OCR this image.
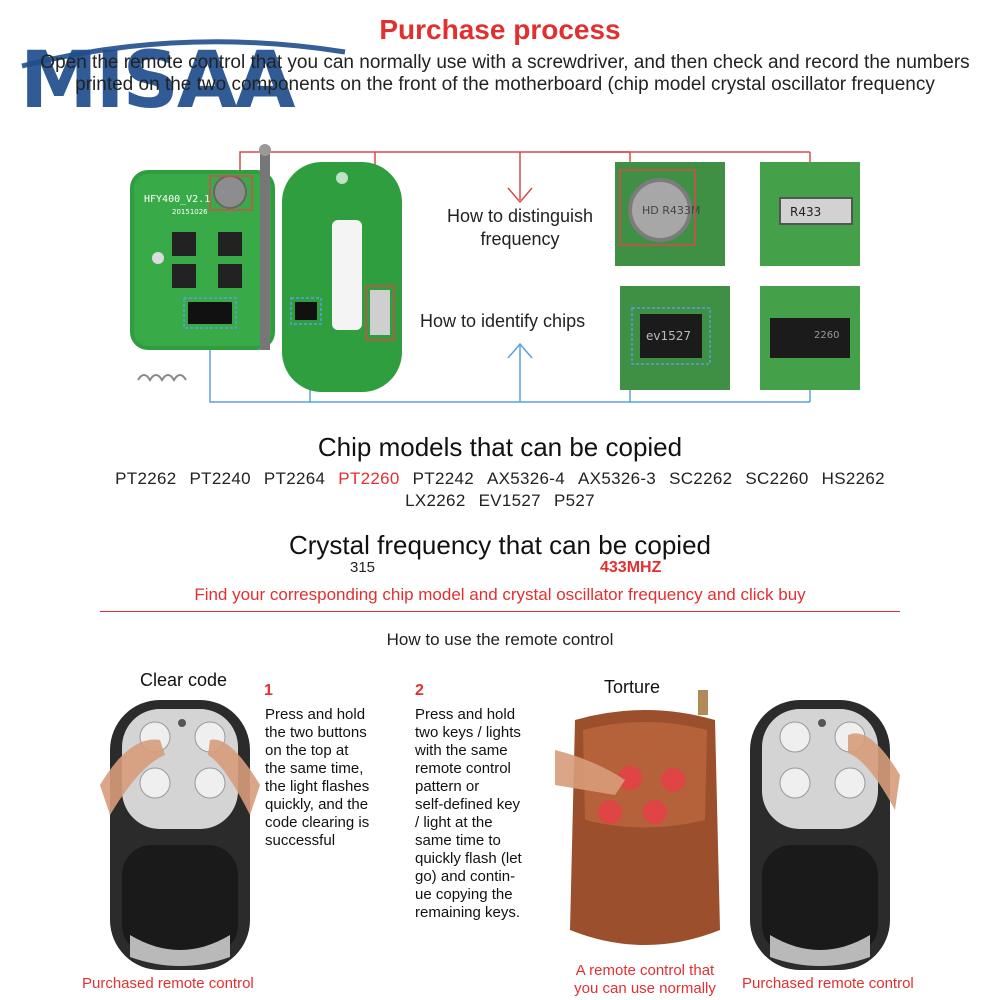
MISAA
Purchase process
Open the remote control that you can normally use with a screwdriver, and then check and record the numbers printed on the two components on the front of the motherboard (chip model crystal oscillator frequency
HFY400_V2.1
20151026	HD R433M	R433
ev1527	2260
How to distinguish frequency
How to identify chips
Chip models that can be copied
PT2262 PT2240 PT2264 PT2260 PT2242 AX5326-4 AX5326-3 SC2262 SC2260 HS2262
LX2262 EV1527 P527
Crystal frequency that can be copied
315	433MHZ
Find your corresponding chip model and crystal oscillator frequency and click buy
How to use the remote control
Clear code	Torture
1	2
Press and hold
the two buttons
on the top at
the same time,
the light flashes
quickly, and the
code clearing is
successful
Press and hold
two keys / lights
with the same
remote control
pattern or
self-defined key
/ light at the
same time to
quickly flash (let
go) and contin-
ue copying the
remaining keys.
Purchased remote control
A remote control that
you can use normally	Purchased remote control
